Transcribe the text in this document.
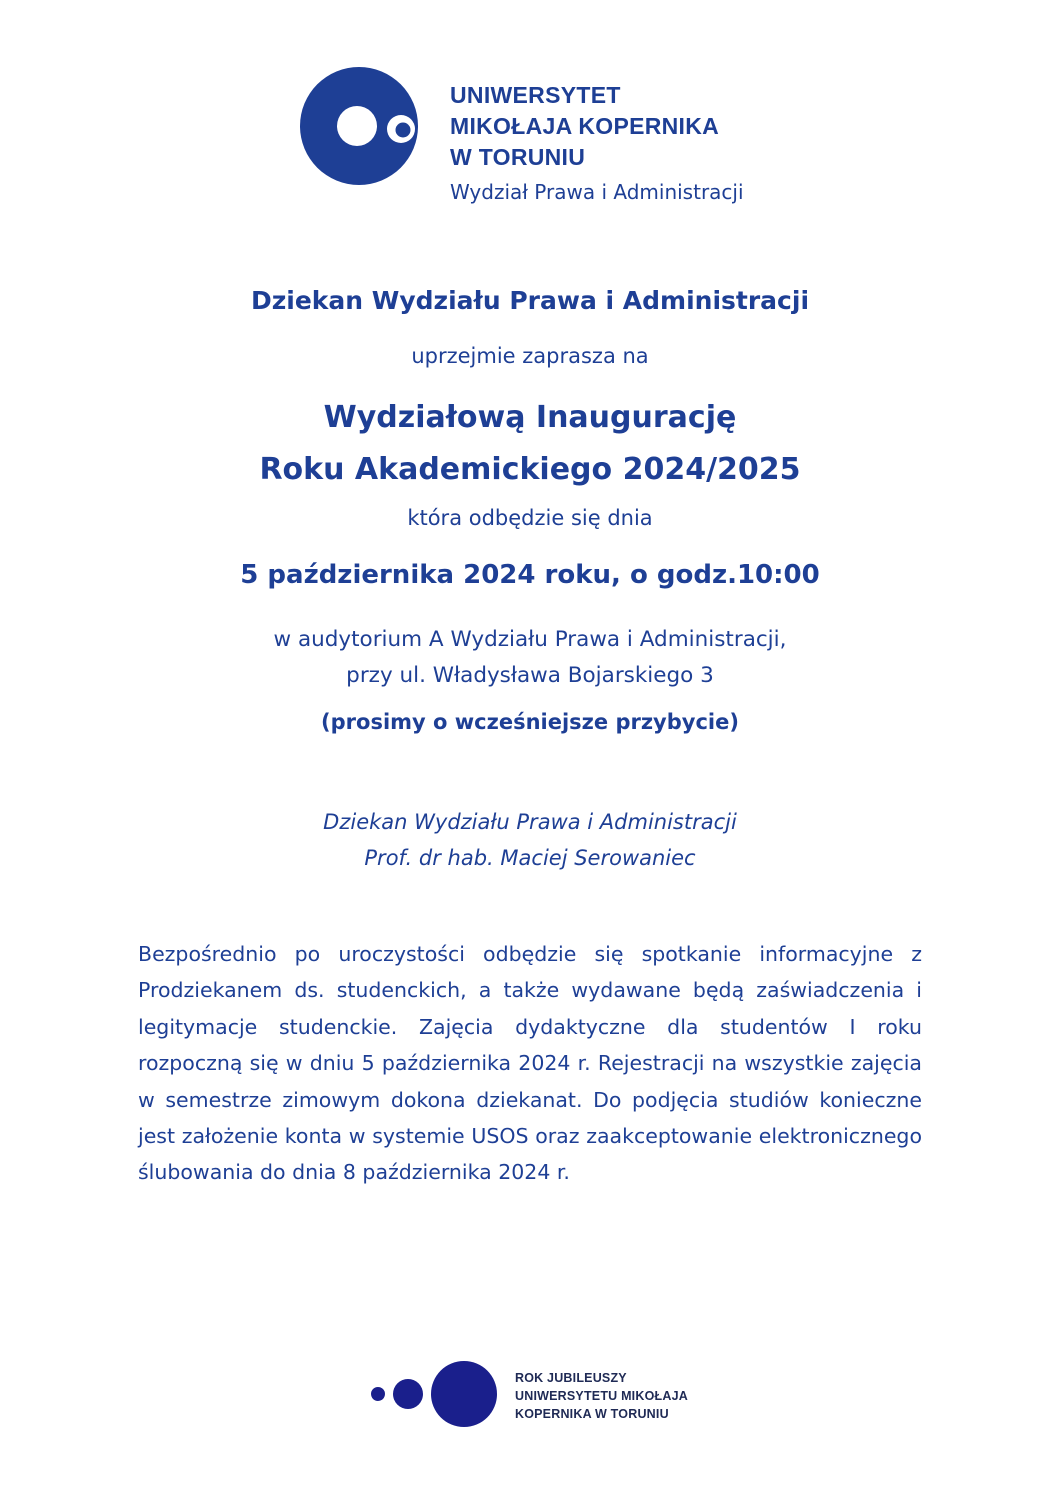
UNIWERSYTET
MIKOŁAJA KOPERNIKA
W TORUNIU
Wydział Prawa i Administracji
Dziekan Wydziału Prawa i Administracji
uprzejmie zaprasza na
Wydziałową Inaugurację
Roku Akademickiego 2024/2025
która odbędzie się dnia
5 października 2024 roku, o godz.10:00
w audytorium A Wydziału Prawa i Administracji,
przy ul. Władysława Bojarskiego 3
(prosimy o wcześniejsze przybycie)
Dziekan Wydziału Prawa i Administracji
Prof. dr hab. Maciej Serowaniec
Bezpośrednio po uroczystości odbędzie się spotkanie informacyjne z Prodziekanem ds. studenckich, a także wydawane będą zaświadczenia i legitymacje studenckie. Zajęcia dydaktyczne dla studentów I roku rozpoczną się w dniu 5 października 2024 r. Rejestracji na wszystkie zajęcia w semestrze zimowym dokona dziekanat. Do podjęcia studiów konieczne jest założenie konta w systemie USOS oraz zaakceptowanie elektronicznego ślubowania do dnia 8 października 2024 r.
ROK JUBILEUSZY
UNIWERSYTETU MIKOŁAJA
KOPERNIKA W TORUNIU
